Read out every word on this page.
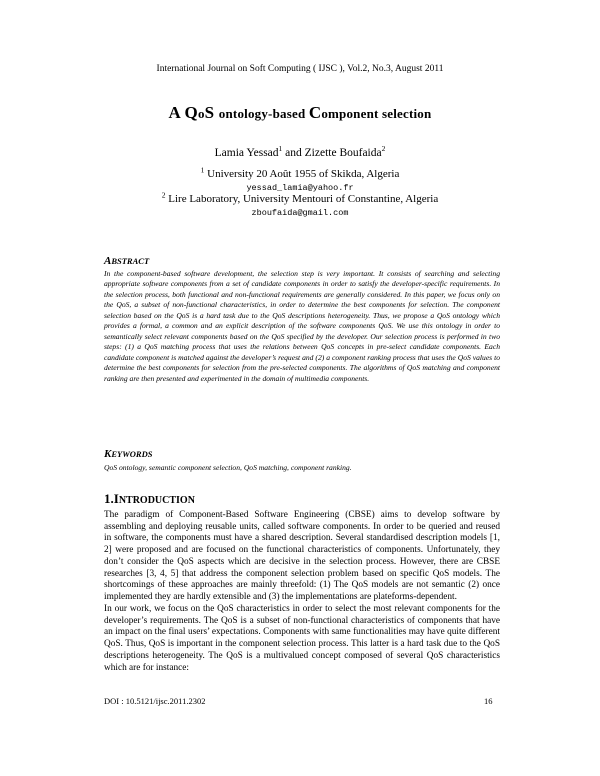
International Journal on Soft Computing ( IJSC ), Vol.2, No.3, August 2011
A QoS ontology-based Component selection
Lamia Yessad$^1$ and Zizette Boufaida$^2$
$^1$ University 20 Août 1955 of Skikda, Algeria
yessad_lamia@yahoo.fr
$^2$ Lire Laboratory, University Mentouri of Constantine, Algeria
zboufaida@gmail.com
ABSTRACT

In the component-based software development, the selection step is very important. It consists of searching and selecting appropriate software components from a set of candidate components in order to satisfy the developer-specific requirements. In the selection process, both functional and non-functional requirements are generally considered. In this paper, we focus only on the QoS, a subset of non-functional characteristics, in order to determine the best components for selection. The component selection based on the QoS is a hard task due to the QoS descriptions heterogeneity. Thus, we propose a QoS ontology which provides a formal, a common and an explicit description of the software components QoS. We use this ontology in order to semantically select relevant components based on the QoS specified by the developer. Our selection process is performed in two steps: (1) a QoS matching process that uses the relations between QoS concepts in pre-select candidate components. Each candidate component is matched against the developer’s request and (2) a component ranking process that uses the QoS values to determine the best components for selection from the pre-selected components. The algorithms of QoS matching and component ranking are then presented and experimented in the domain of multimedia components.

KEYWORDS

QoS ontology, semantic component selection, QoS matching, component ranking.

1.INTRODUCTION

The paradigm of Component-Based Software Engineering (CBSE) aims to develop software by assembling and deploying reusable units, called software components. In order to be queried and reused in software, the components must have a shared description. Several standardised description models [1, 2] were proposed and are focused on the functional characteristics of components. Unfortunately, they don’t consider the QoS aspects which are decisive in the selection process. However, there are CBSE researches [3, 4, 5] that address the component selection problem based on specific QoS models. The shortcomings of these approaches are mainly threefold: (1) The QoS models are not semantic (2) once implemented they are hardly extensible and (3) the implementations are plateforms-dependent.

In our work, we focus on the QoS characteristics in order to select the most relevant components for the developer’s requirements. The QoS is a subset of non-functional characteristics of components that have an impact on the final users’ expectations. Components with same functionalities may have quite different QoS. Thus, QoS is important in the component selection process. This latter is a hard task due to the QoS descriptions heterogeneity. The QoS is a multivalued concept composed of several QoS characteristics which are for instance:

DOI : 10.5121/ijsc.2011.2302	16
